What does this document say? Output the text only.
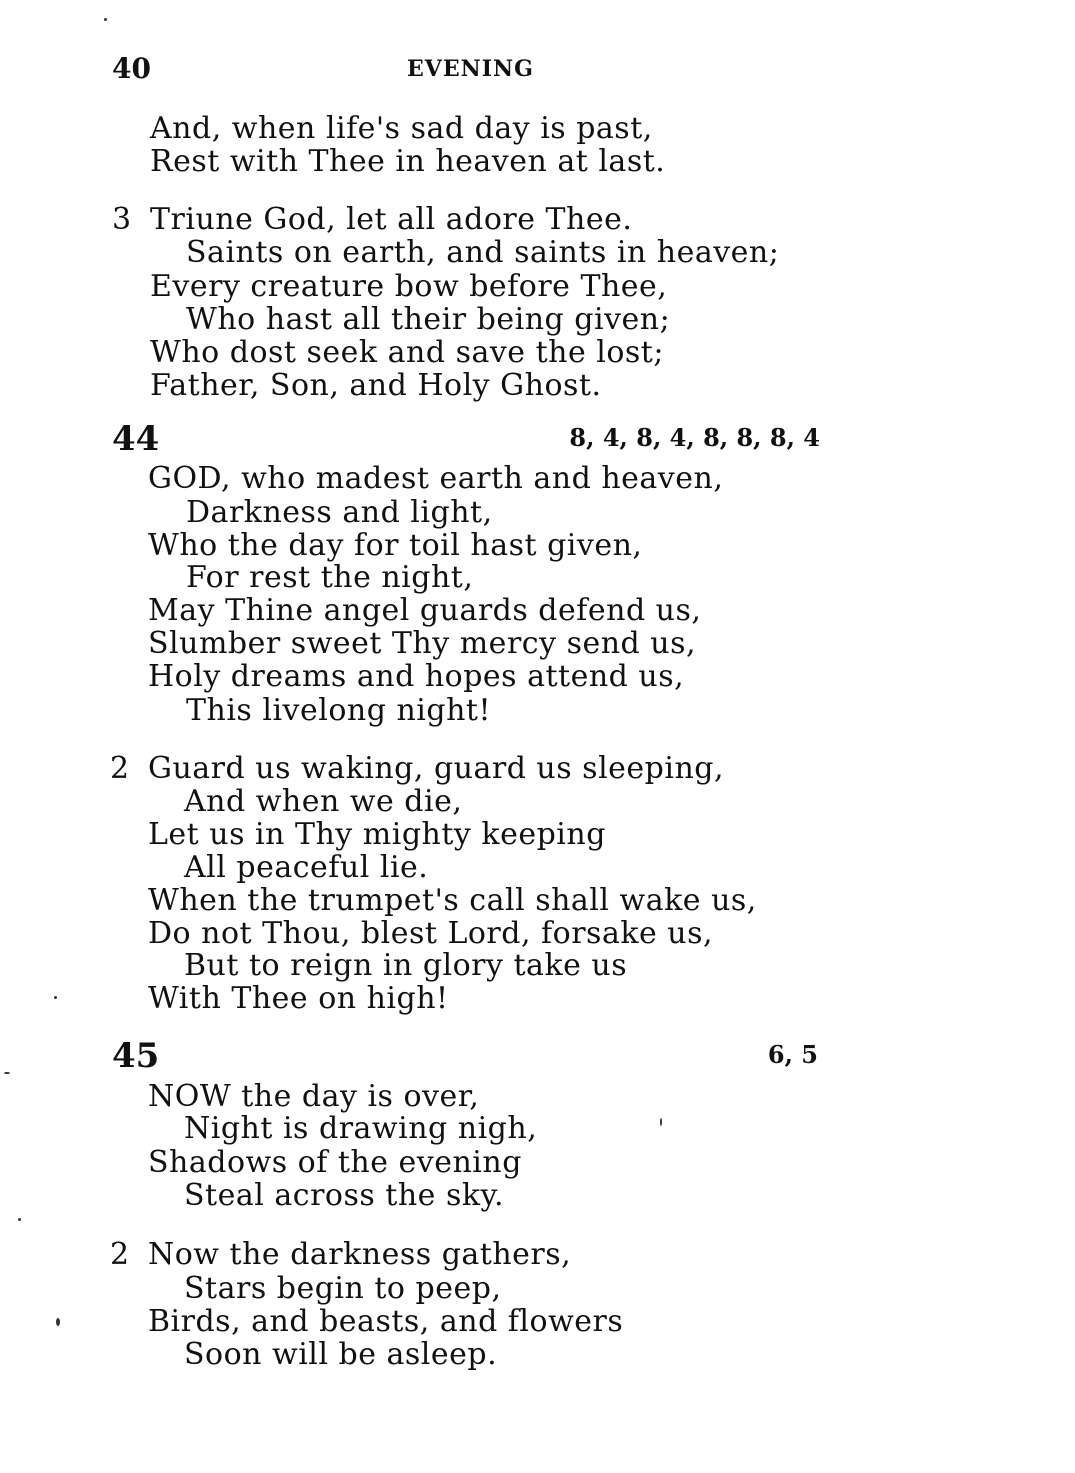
40	EVENING
And, when life's sad day is past,
Rest with Thee in heaven at last.
3 Triune God, let all adore Thee.
Saints on earth, and saints in heaven;
Every creature bow before Thee,
Who hast all their being given;
Who dost seek and save the lost;
Father, Son, and Holy Ghost.
44	8, 4, 8, 4, 8, 8, 8, 4
GOD, who madest earth and heaven,
Darkness and light,
Who the day for toil hast given,
For rest the night,
May Thine angel guards defend us,
Slumber sweet Thy mercy send us,
Holy dreams and hopes attend us,
This livelong night!
2 Guard us waking, guard us sleeping,
And when we die,
Let us in Thy mighty keeping
All peaceful lie.
When the trumpet's call shall wake us,
Do not Thou, blest Lord, forsake us,
But to reign in glory take us
With Thee on high!
45	6, 5
NOW the day is over,
Night is drawing nigh,
Shadows of the evening
Steal across the sky.
2 Now the darkness gathers,
Stars begin to peep,
Birds, and beasts, and flowers
Soon will be asleep.
